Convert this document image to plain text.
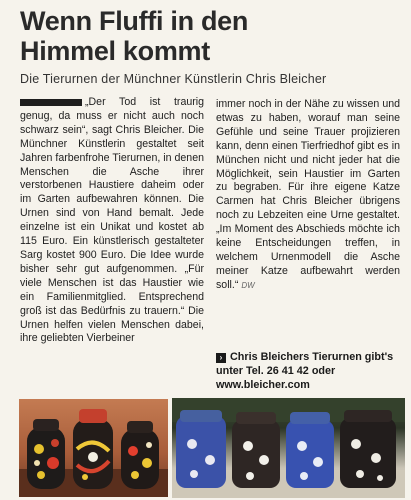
Wenn Fluffi in den
Himmel kommt
Die Tierurnen der Münchner Künstlerin Chris Bleicher
„Der Tod ist traurig genug, da muss er nicht auch noch schwarz sein“, sagt Chris Bleicher. Die Münchner Künstlerin gestaltet seit Jahren farbenfrohe Tierurnen, in denen Menschen die Asche ihrer verstorbenen Haustiere daheim oder im Garten aufbewahren können. Die Urnen sind von Hand bemalt. Jede einzelne ist ein Unikat und kostet ab 115 Euro. Ein künstlerisch gestalteter Sarg kostet 900 Euro. Die Idee wurde bisher sehr gut aufgenommen. „Für viele Menschen ist das Haustier wie ein Familienmitglied. Entsprechend groß ist das Bedürfnis zu trauern.“ Die Urnen helfen vielen Menschen dabei, ihre geliebten Vierbeiner
immer noch in der Nähe zu wissen und etwas zu haben, worauf man seine Gefühle und seine Trauer projizieren kann, denn einen Tierfriedhof gibt es in München nicht und nicht jeder hat die Möglichkeit, sein Haustier im Garten zu begraben. Für ihre eigene Katze Carmen hat Chris Bleicher übrigens noch zu Lebzeiten eine Urne gestaltet. „Im Moment des Abschieds möchte ich keine Entscheidungen treffen, in welchem Urnenmodell die Asche meiner Katze aufbewahrt werden soll.“ DW
› Chris Bleichers Tierurnen gibt's unter Tel. 26 41 42 oder www.bleicher.com
